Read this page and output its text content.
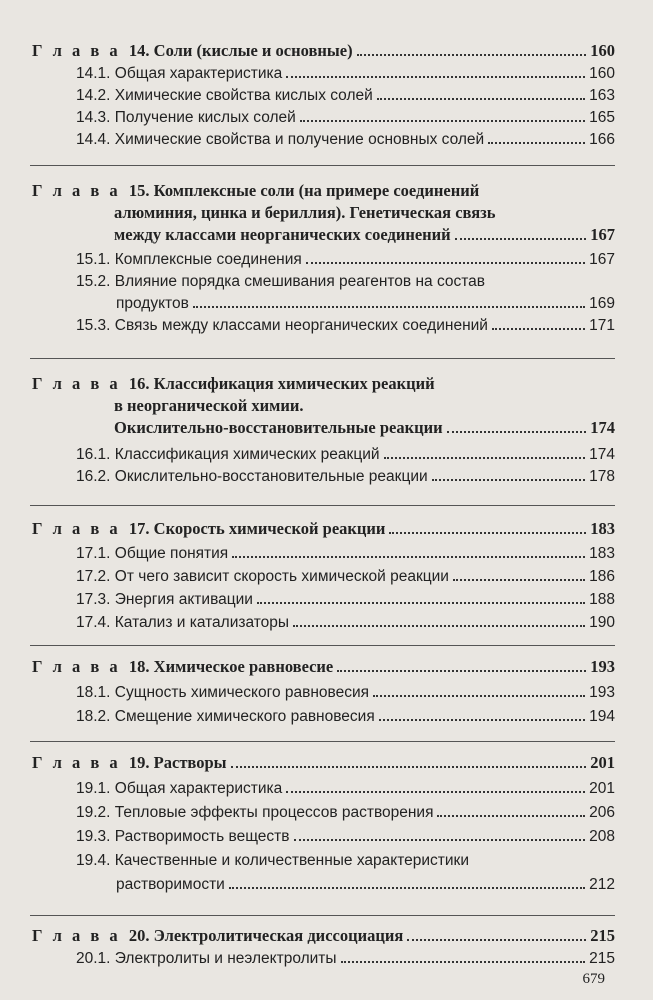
Г л а в а 14. Соли (кислые и основные)	160
14.1. Общая характеристика	160
14.2. Химические свойства кислых солей	163
14.3. Получение кислых солей	165
14.4. Химические свойства и получение основных солей	166
Г л а в а 15. Комплексные соли (на примере соединений
алюминия, цинка и бериллия). Генетическая связь
между классами неорганических соединений	167
15.1. Комплексные соединения	167
15.2. Влияние порядка смешивания реагентов на состав
продуктов	169
15.3. Связь между классами неорганических соединений	171
Г л а в а 16. Классификация химических реакций
в неорганической химии.
Окислительно-восстановительные реакции	174
16.1. Классификация химических реакций	174
16.2. Окислительно-восстановительные реакции	178
Г л а в а 17. Скорость химической реакции	183
17.1. Общие понятия	183
17.2. От чего зависит скорость химической реакции	186
17.3. Энергия активации	188
17.4. Катализ и катализаторы	190
Г л а в а 18. Химическое равновесие	193
18.1. Сущность химического равновесия	193
18.2. Смещение химического равновесия	194
Г л а в а 19. Растворы	201
19.1. Общая характеристика	201
19.2. Тепловые эффекты процессов растворения	206
19.3. Растворимость веществ	208
19.4. Качественные и количественные характеристики
растворимости	212
Г л а в а 20. Электролитическая диссоциация	215
20.1. Электролиты и неэлектролиты	215
679
